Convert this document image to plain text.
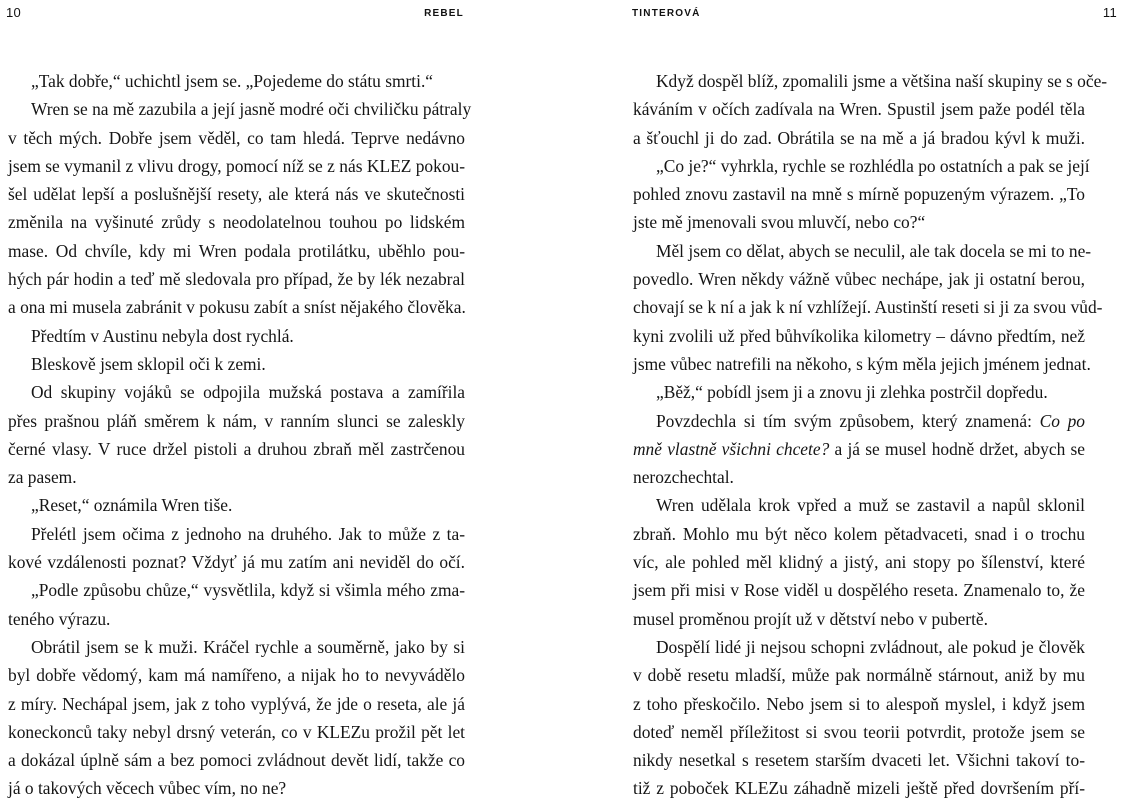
10	REBEL
„Tak dobře,“ uchichtl jsem se. „Pojedeme do státu smrti.“
Wren se na mě zazubila a její jasně modré oči chviličku pátraly
v těch mých. Dobře jsem věděl, co tam hledá. Teprve nedávno
jsem se vymanil z vlivu drogy, pomocí níž se z nás KLEZ pokou-
šel udělat lepší a poslušnější resety, ale která nás ve skutečnosti
změnila na vyšinuté zrůdy s neodolatelnou touhou po lidském
mase. Od chvíle, kdy mi Wren podala protilátku, uběhlo pou-
hých pár hodin a teď mě sledovala pro případ, že by lék nezabral
a ona mi musela zabránit v pokusu zabít a sníst nějakého člověka.
Předtím v Austinu nebyla dost rychlá.
Bleskově jsem sklopil oči k zemi.
Od skupiny vojáků se odpojila mužská postava a zamířila
přes prašnou pláň směrem k nám, v ranním slunci se zaleskly
černé vlasy. V ruce držel pistoli a druhou zbraň měl zastrčenou
za pasem.
„Reset,“ oznámila Wren tiše.
Přelétl jsem očima z jednoho na druhého. Jak to může z ta-
kové vzdálenosti poznat? Vždyť já mu zatím ani neviděl do očí.
„Podle způsobu chůze,“ vysvětlila, když si všimla mého zma-
teného výrazu.
Obrátil jsem se k muži. Kráčel rychle a souměrně, jako by si
byl dobře vědomý, kam má namířeno, a nijak ho to nevyvádělo
z míry. Nechápal jsem, jak z toho vyplývá, že jde o reseta, ale já
koneckonců taky nebyl drsný veterán, co v KLEZu prožil pět let
a dokázal úplně sám a bez pomoci zvládnout devět lidí, takže co
já o takových věcech vůbec vím, no ne?
TINTEROVÁ	11
Když dospěl blíž, zpomalili jsme a většina naší skupiny se s oče-
káváním v očích zadívala na Wren. Spustil jsem paže podél těla
a šťouchl ji do zad. Obrátila se na mě a já bradou kývl k muži.
„Co je?“ vyhrkla, rychle se rozhlédla po ostatních a pak se její
pohled znovu zastavil na mně s mírně popuzeným výrazem. „To
jste mě jmenovali svou mluvčí, nebo co?“
Měl jsem co dělat, abych se neculil, ale tak docela se mi to ne-
povedlo. Wren někdy vážně vůbec nechápe, jak ji ostatní berou,
chovají se k ní a jak k ní vzhlížejí. Austinští reseti si ji za svou vůd-
kyni zvolili už před bůhvíkolika kilometry – dávno předtím, než
jsme vůbec natrefili na někoho, s kým měla jejich jménem jednat.
„Běž,“ pobídl jsem ji a znovu ji zlehka postrčil dopředu.
Povzdechla si tím svým způsobem, který znamená: Co po
mně vlastně všichni chcete? a já se musel hodně držet, abych se
nerozchechtal.
Wren udělala krok vpřed a muž se zastavil a napůl sklonil
zbraň. Mohlo mu být něco kolem pětadvaceti, snad i o trochu
víc, ale pohled měl klidný a jistý, ani stopy po šílenství, které
jsem při misi v Rose viděl u dospělého reseta. Znamenalo to, že
musel proměnou projít už v dětství nebo v pubertě.
Dospělí lidé ji nejsou schopni zvládnout, ale pokud je člověk
v době resetu mladší, může pak normálně stárnout, aniž by mu
z toho přeskočilo. Nebo jsem si to alespoň myslel, i když jsem
doteď neměl příležitost si svou teorii potvrdit, protože jsem se
nikdy nesetkal s resetem starším dvaceti let. Všichni takoví to-
tiž z poboček KLEZu záhadně mizeli ještě před dovršením pří-
